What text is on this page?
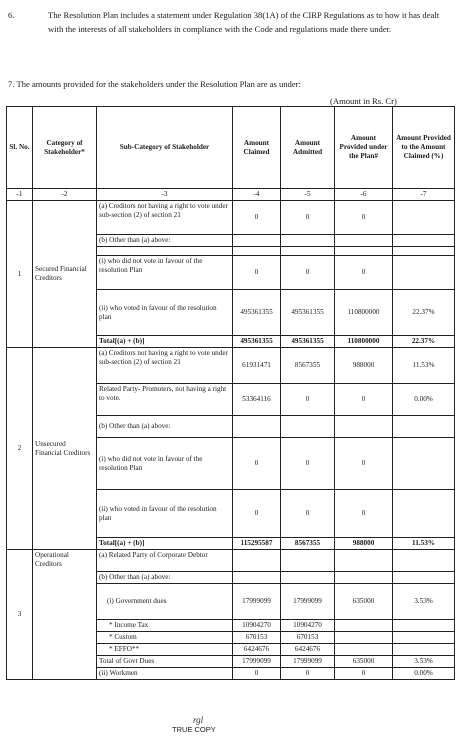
6.	The Resolution Plan includes a statement under Regulation 38(1A) of the CIRP Regulations as to how it has dealt with the interests of all stakeholders in compliance with the Code and regulations made there under.
7. The amounts provided for the stakeholders under the Resolution Plan are as under:
(Amount in Rs. Cr)
Sl. No.	Category of Stakeholder*	Sub-Category of Stakeholder	Amount Claimed	Amount Admitted	Amount Provided under the Plan#	Amount Provided to the Amount Claimed (%)
-1	-2	-3	-4	-5	-6	-7
1	Secured Financial Creditors	(a) Creditors not having a right to vote under sub-section (2) of section 21	0	0	0	
		(b) Other than (a) above:				

		(i) who did not vote in favour of the resolution Plan	0	0	0	
		(ii) who voted in favour of the resolution plan	495361355	495361355	110800000	22.37%
		Total[(a) + (b)]	495361355	495361355	110800000	22.37%
2	Unsecured Financial Creditors	(a) Creditors not having a right to vote under sub-section (2) of section 21	61931471	8567355	988000	11.53%
		Related Party- Promoters, not having a right to vote.	53364116	0	0	0.00%
		(b) Other than (a) above:				
		(i) who did not vote in favour of the resolution Plan	0	0	0	
		(ii) who voted in favour of the resolution plan	0	0	0	
		Total[(a) + (b)]	115295587	8567355	988000	11.53%
3	Operational Creditors	(a) Related Party of Corporate Debtor				
		(b) Other than (a) above:				
		(i) Government dues	17999099	17999099	635000	3.53%
		* Income Tax	10904270	10904270		
		* Custom	670153	670153		
		* EFFO**	6424676	6424676		
		Total of Govt Dues	17999099	17999099	635000	3.53%
		(ii) Workmen	0	0	0	0.00%
rgl
TRUE COPY
